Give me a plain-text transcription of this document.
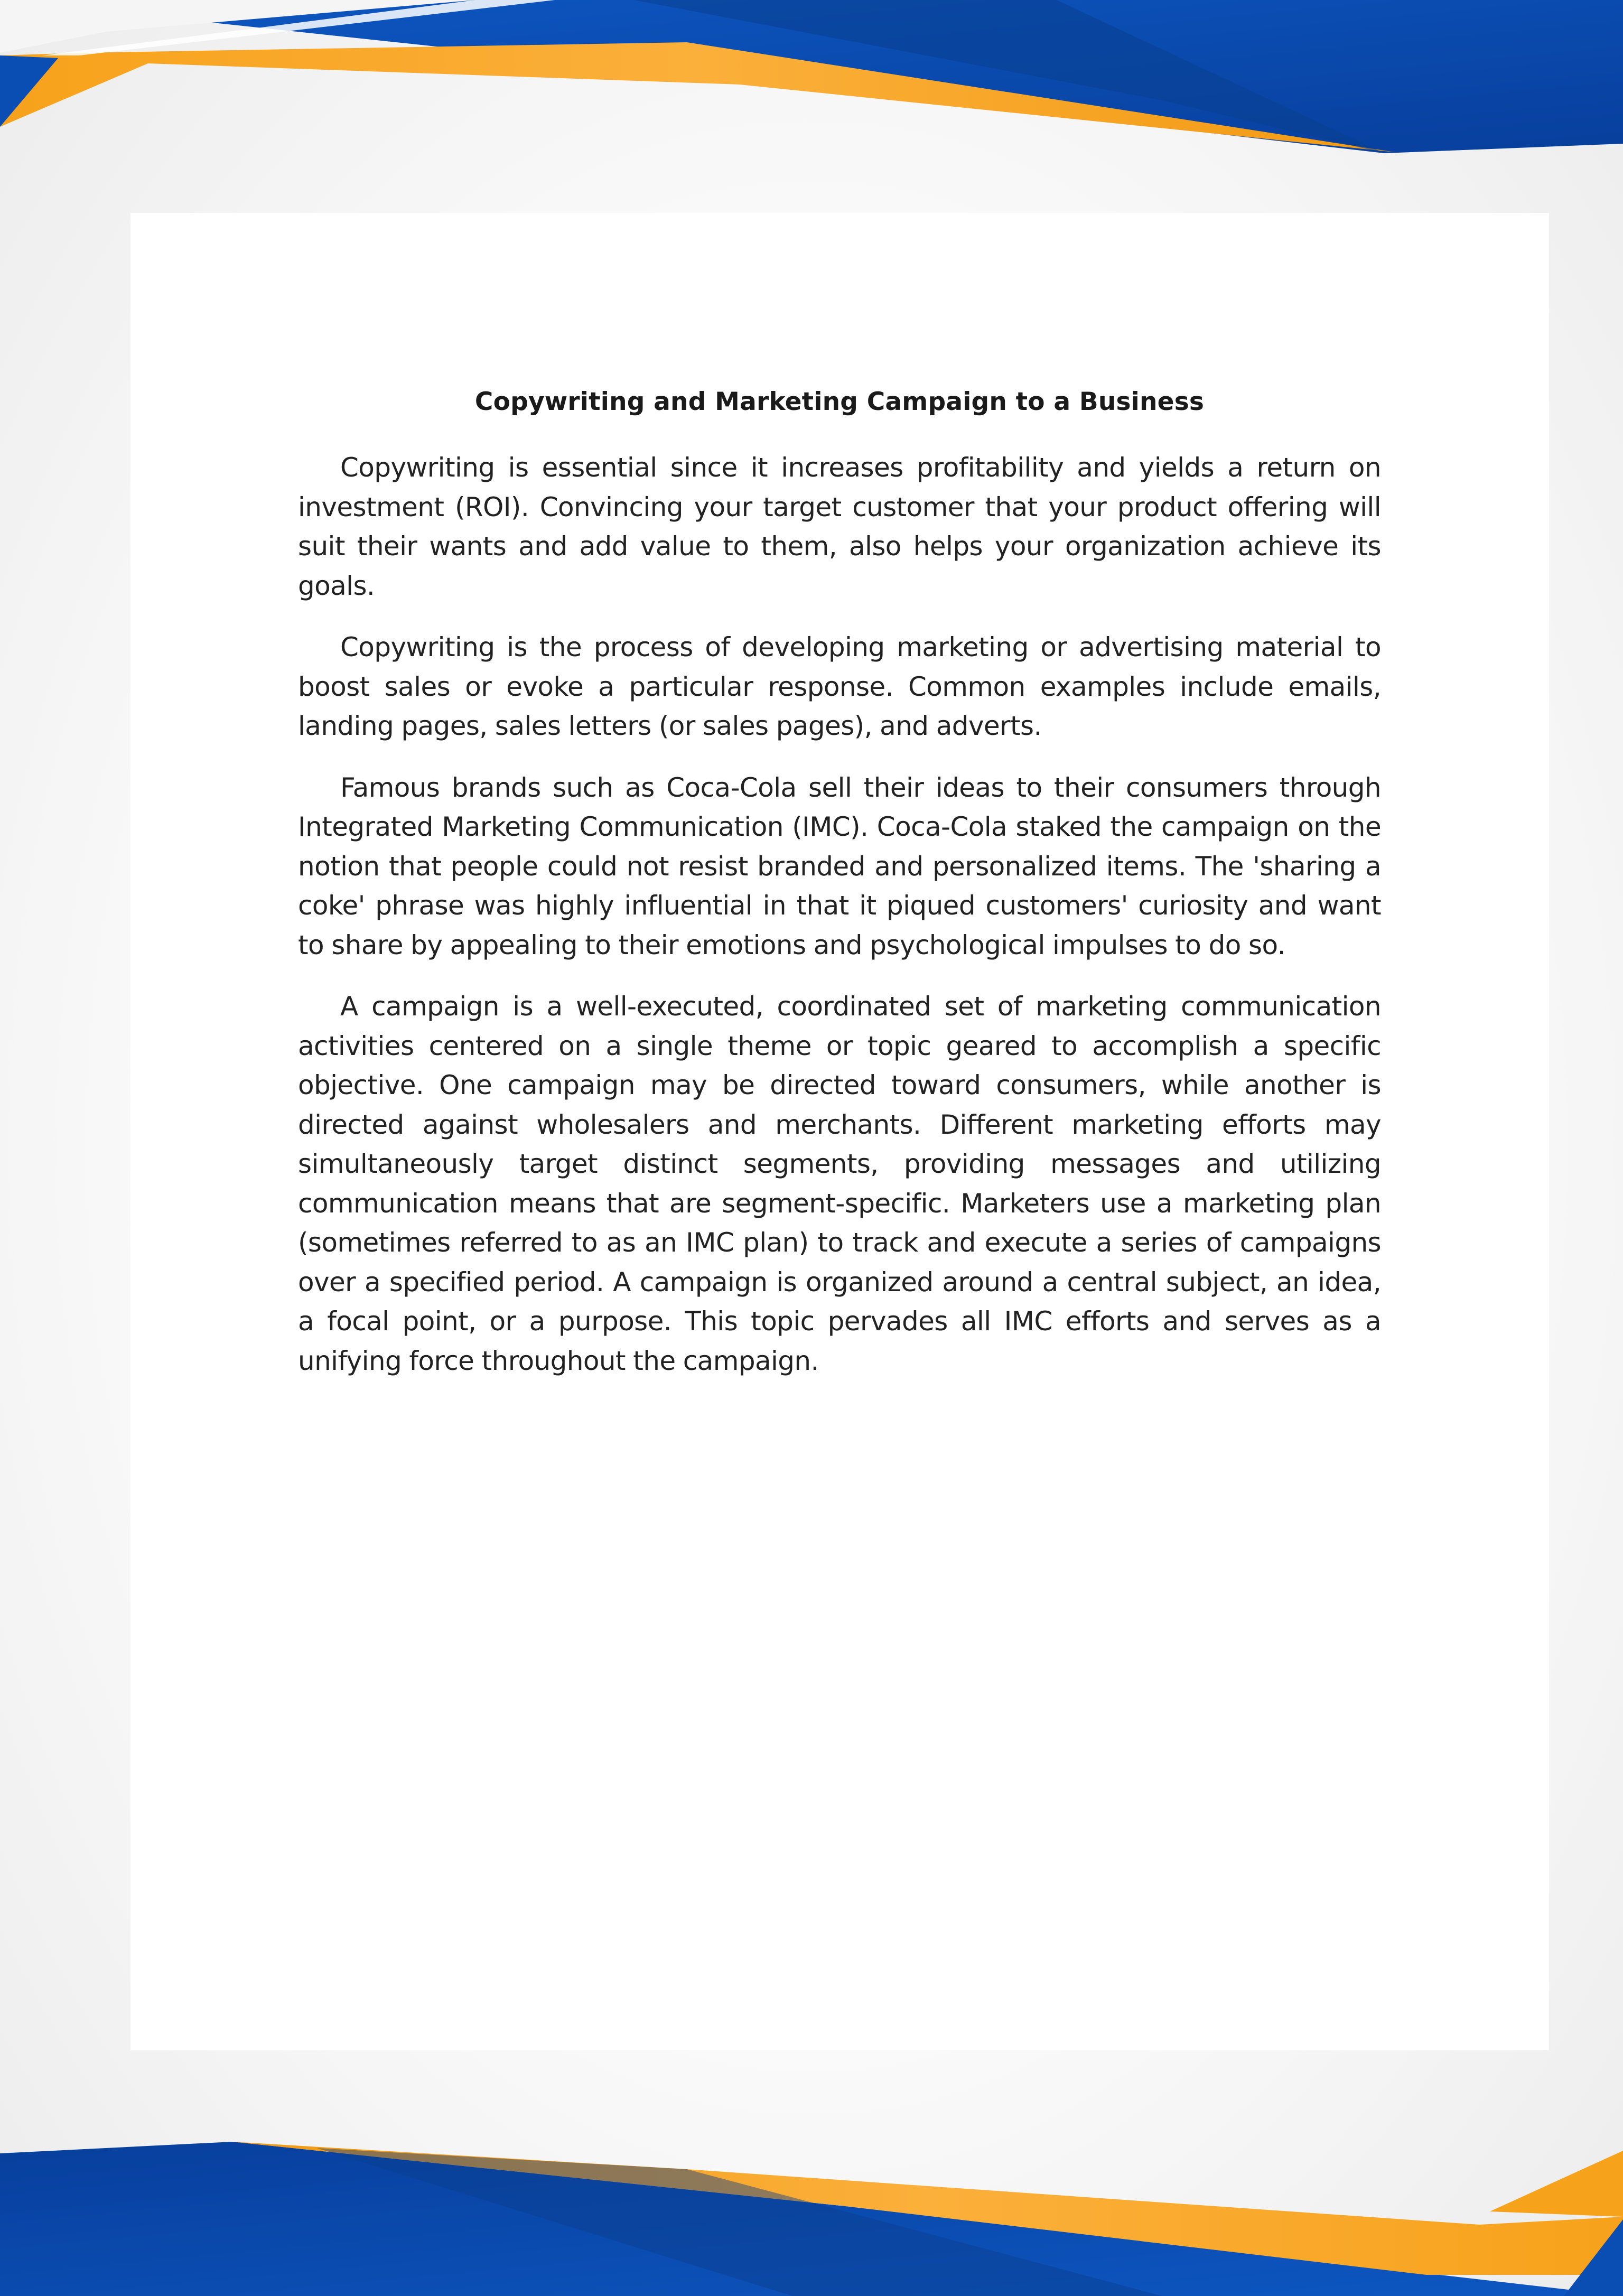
Copywriting and Marketing Campaign to a Business

Copywriting is essential since it increases profitability and yields a return on investment (ROI). Convincing your target customer that your product offering will suit their wants and add value to them, also helps your organization achieve its goals.

Copywriting is the process of developing marketing or advertising material to boost sales or evoke a particular response. Common examples include emails, landing pages, sales letters (or sales pages), and adverts.

Famous brands such as Coca-Cola sell their ideas to their consumers through Integrated Marketing Communication (IMC). Coca-Cola staked the campaign on the notion that people could not resist branded and personalized items. The 'sharing a coke' phrase was highly influential in that it piqued customers' curiosity and want to share by appealing to their emotions and psychological impulses to do so.

A campaign is a well-executed, coordinated set of marketing communication activities centered on a single theme or topic geared to accomplish a specific objective. One campaign may be directed toward consumers, while another is directed against wholesalers and merchants. Different marketing efforts may simultaneously target distinct segments, providing messages and utilizing communication means that are segment-specific. Marketers use a marketing plan (sometimes referred to as an IMC plan) to track and execute a series of campaigns over a specified period. A campaign is organized around a central subject, an idea, a focal point, or a purpose. This topic pervades all IMC efforts and serves as a unifying force throughout the campaign.
